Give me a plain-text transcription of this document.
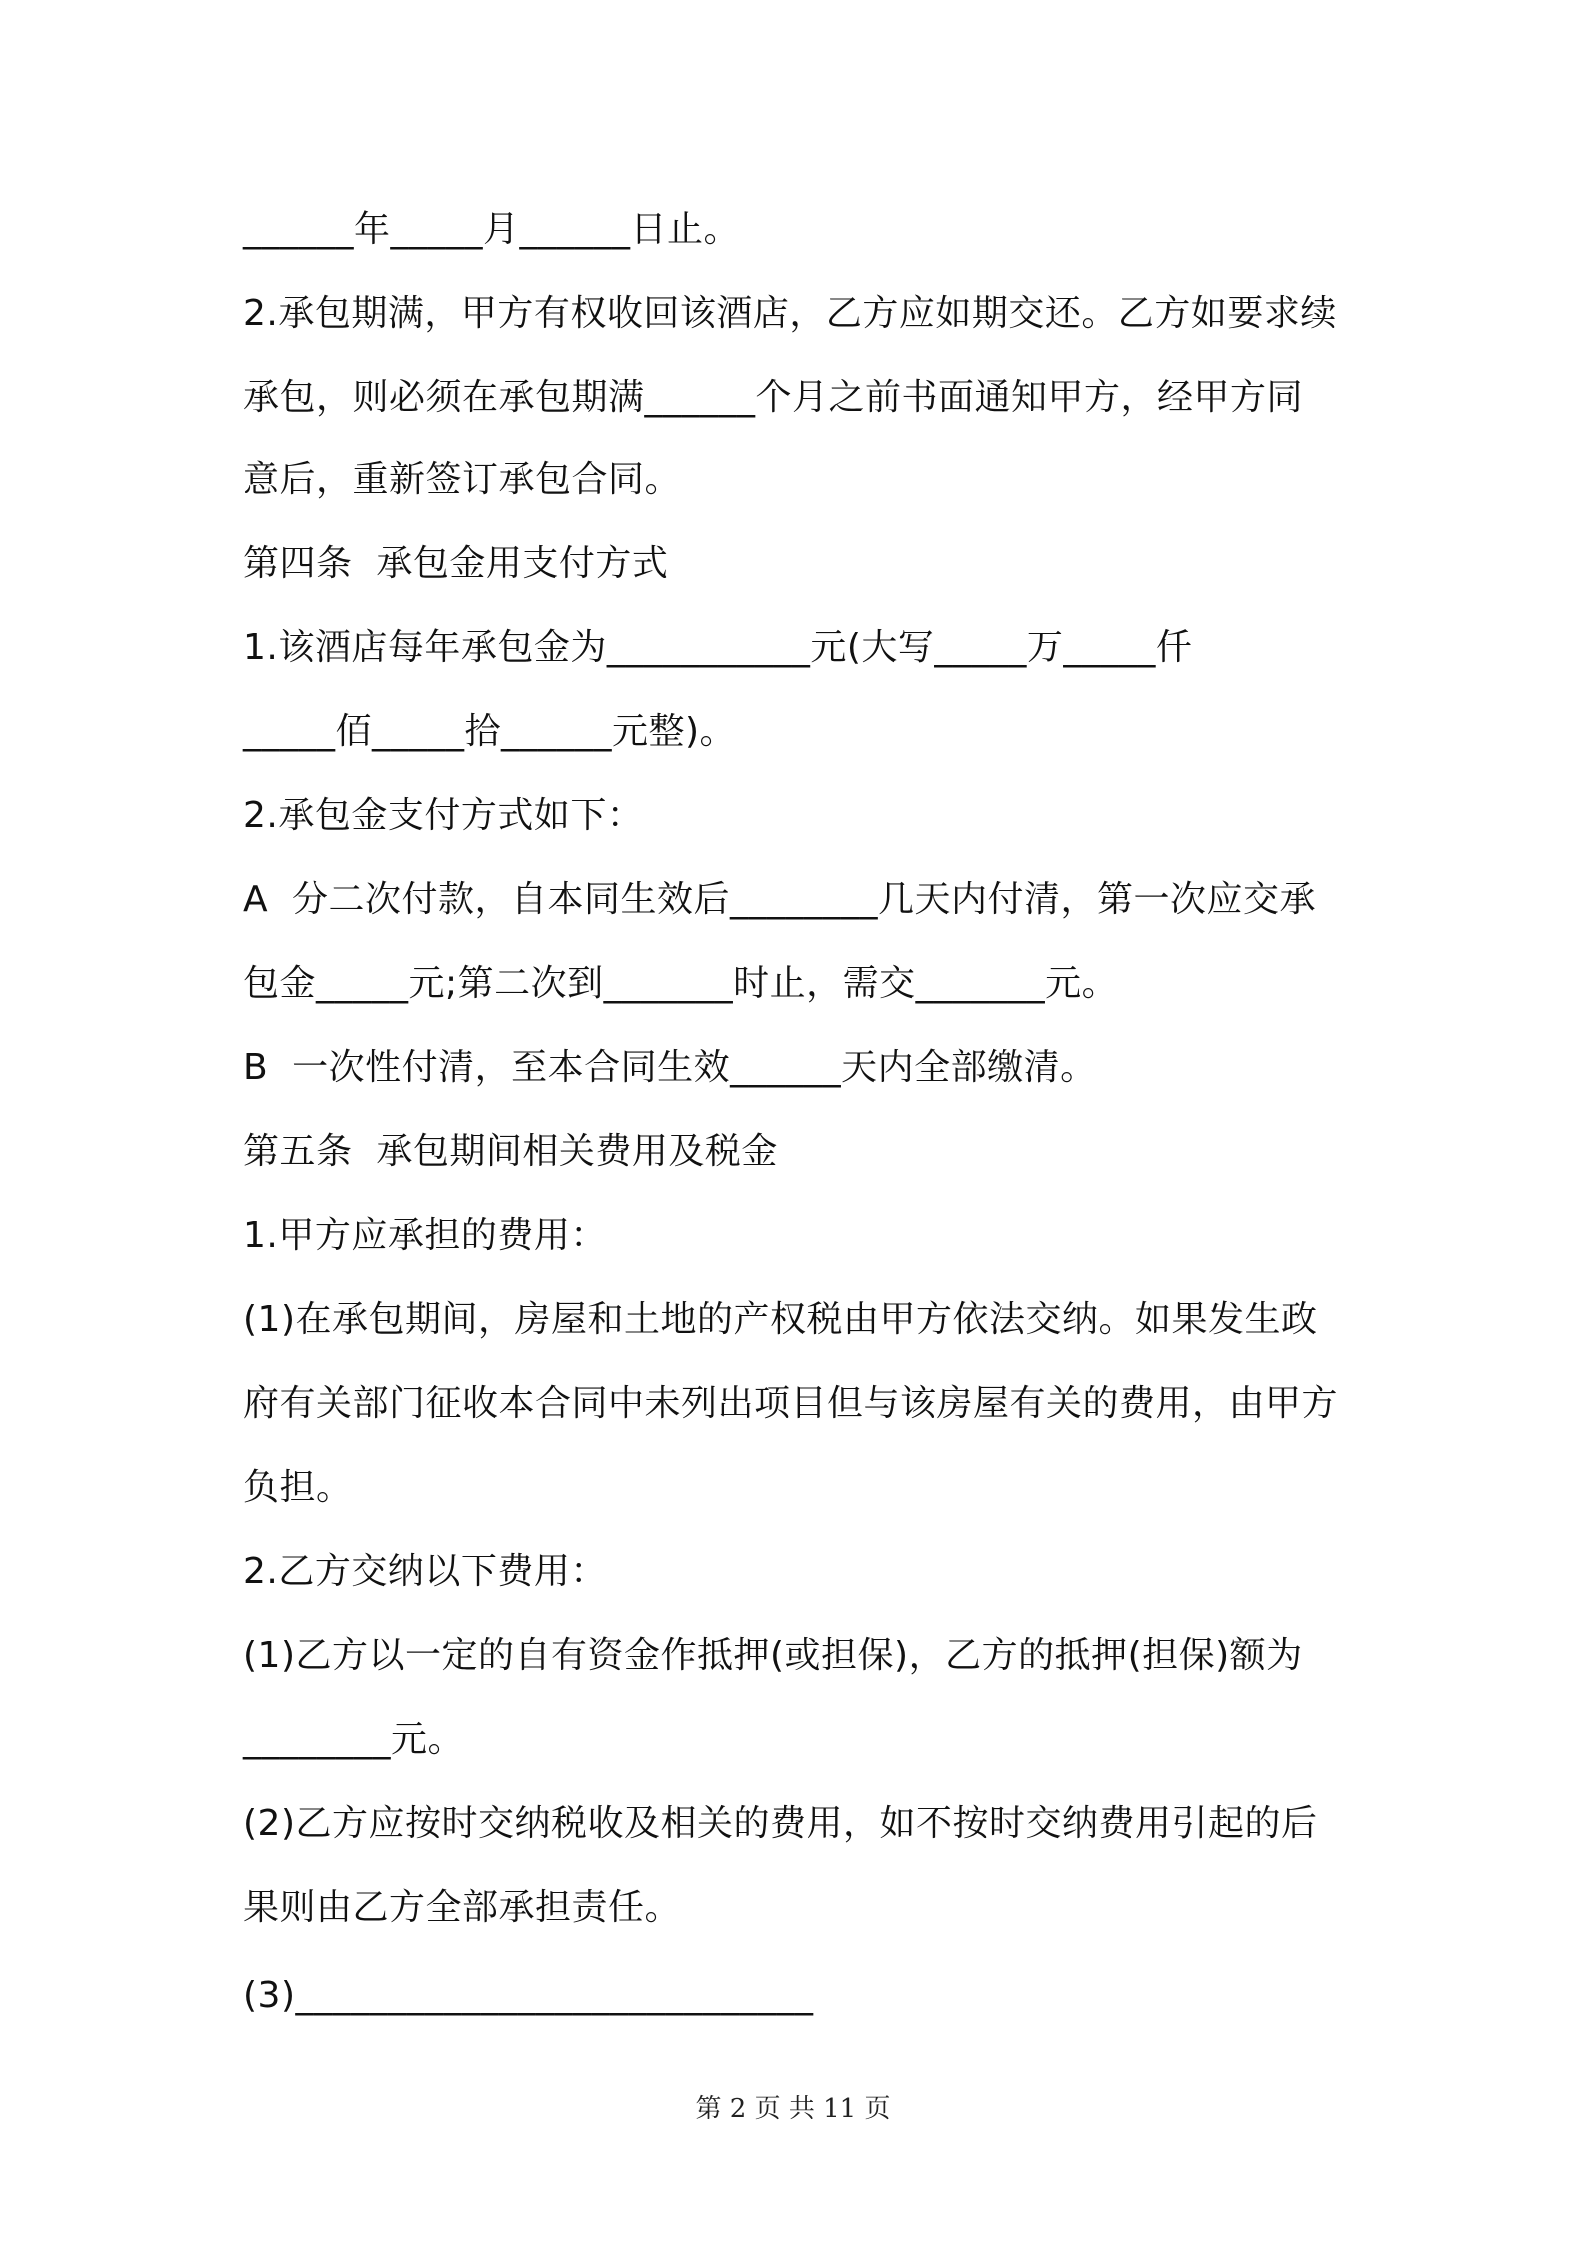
______年_____月______日止。
2.承包期满，甲方有权收回该酒店，乙方应如期交还。乙方如要求续
承包，则必须在承包期满______个月之前书面通知甲方，经甲方同
意后，重新签订承包合同。
第四条  承包金用支付方式
1.该酒店每年承包金为___________元(大写_____万_____仟
_____佰_____拾______元整)。
2.承包金支付方式如下：
A  分二次付款，自本同生效后________几天内付清，第一次应交承
包金_____元;第二次到_______时止，需交_______元。
B  一次性付清，至本合同生效______天内全部缴清。
第五条  承包期间相关费用及税金
1.甲方应承担的费用：
(1)在承包期间，房屋和土地的产权税由甲方依法交纳。如果发生政
府有关部门征收本合同中未列出项目但与该房屋有关的费用，由甲方
负担。
2.乙方交纳以下费用：
(1)乙方以一定的自有资金作抵押(或担保)，乙方的抵押(担保)额为
________元。
(2)乙方应按时交纳税收及相关的费用，如不按时交纳费用引起的后
果则由乙方全部承担责任。
(3)____________________________
第 2 页 共 11 页
